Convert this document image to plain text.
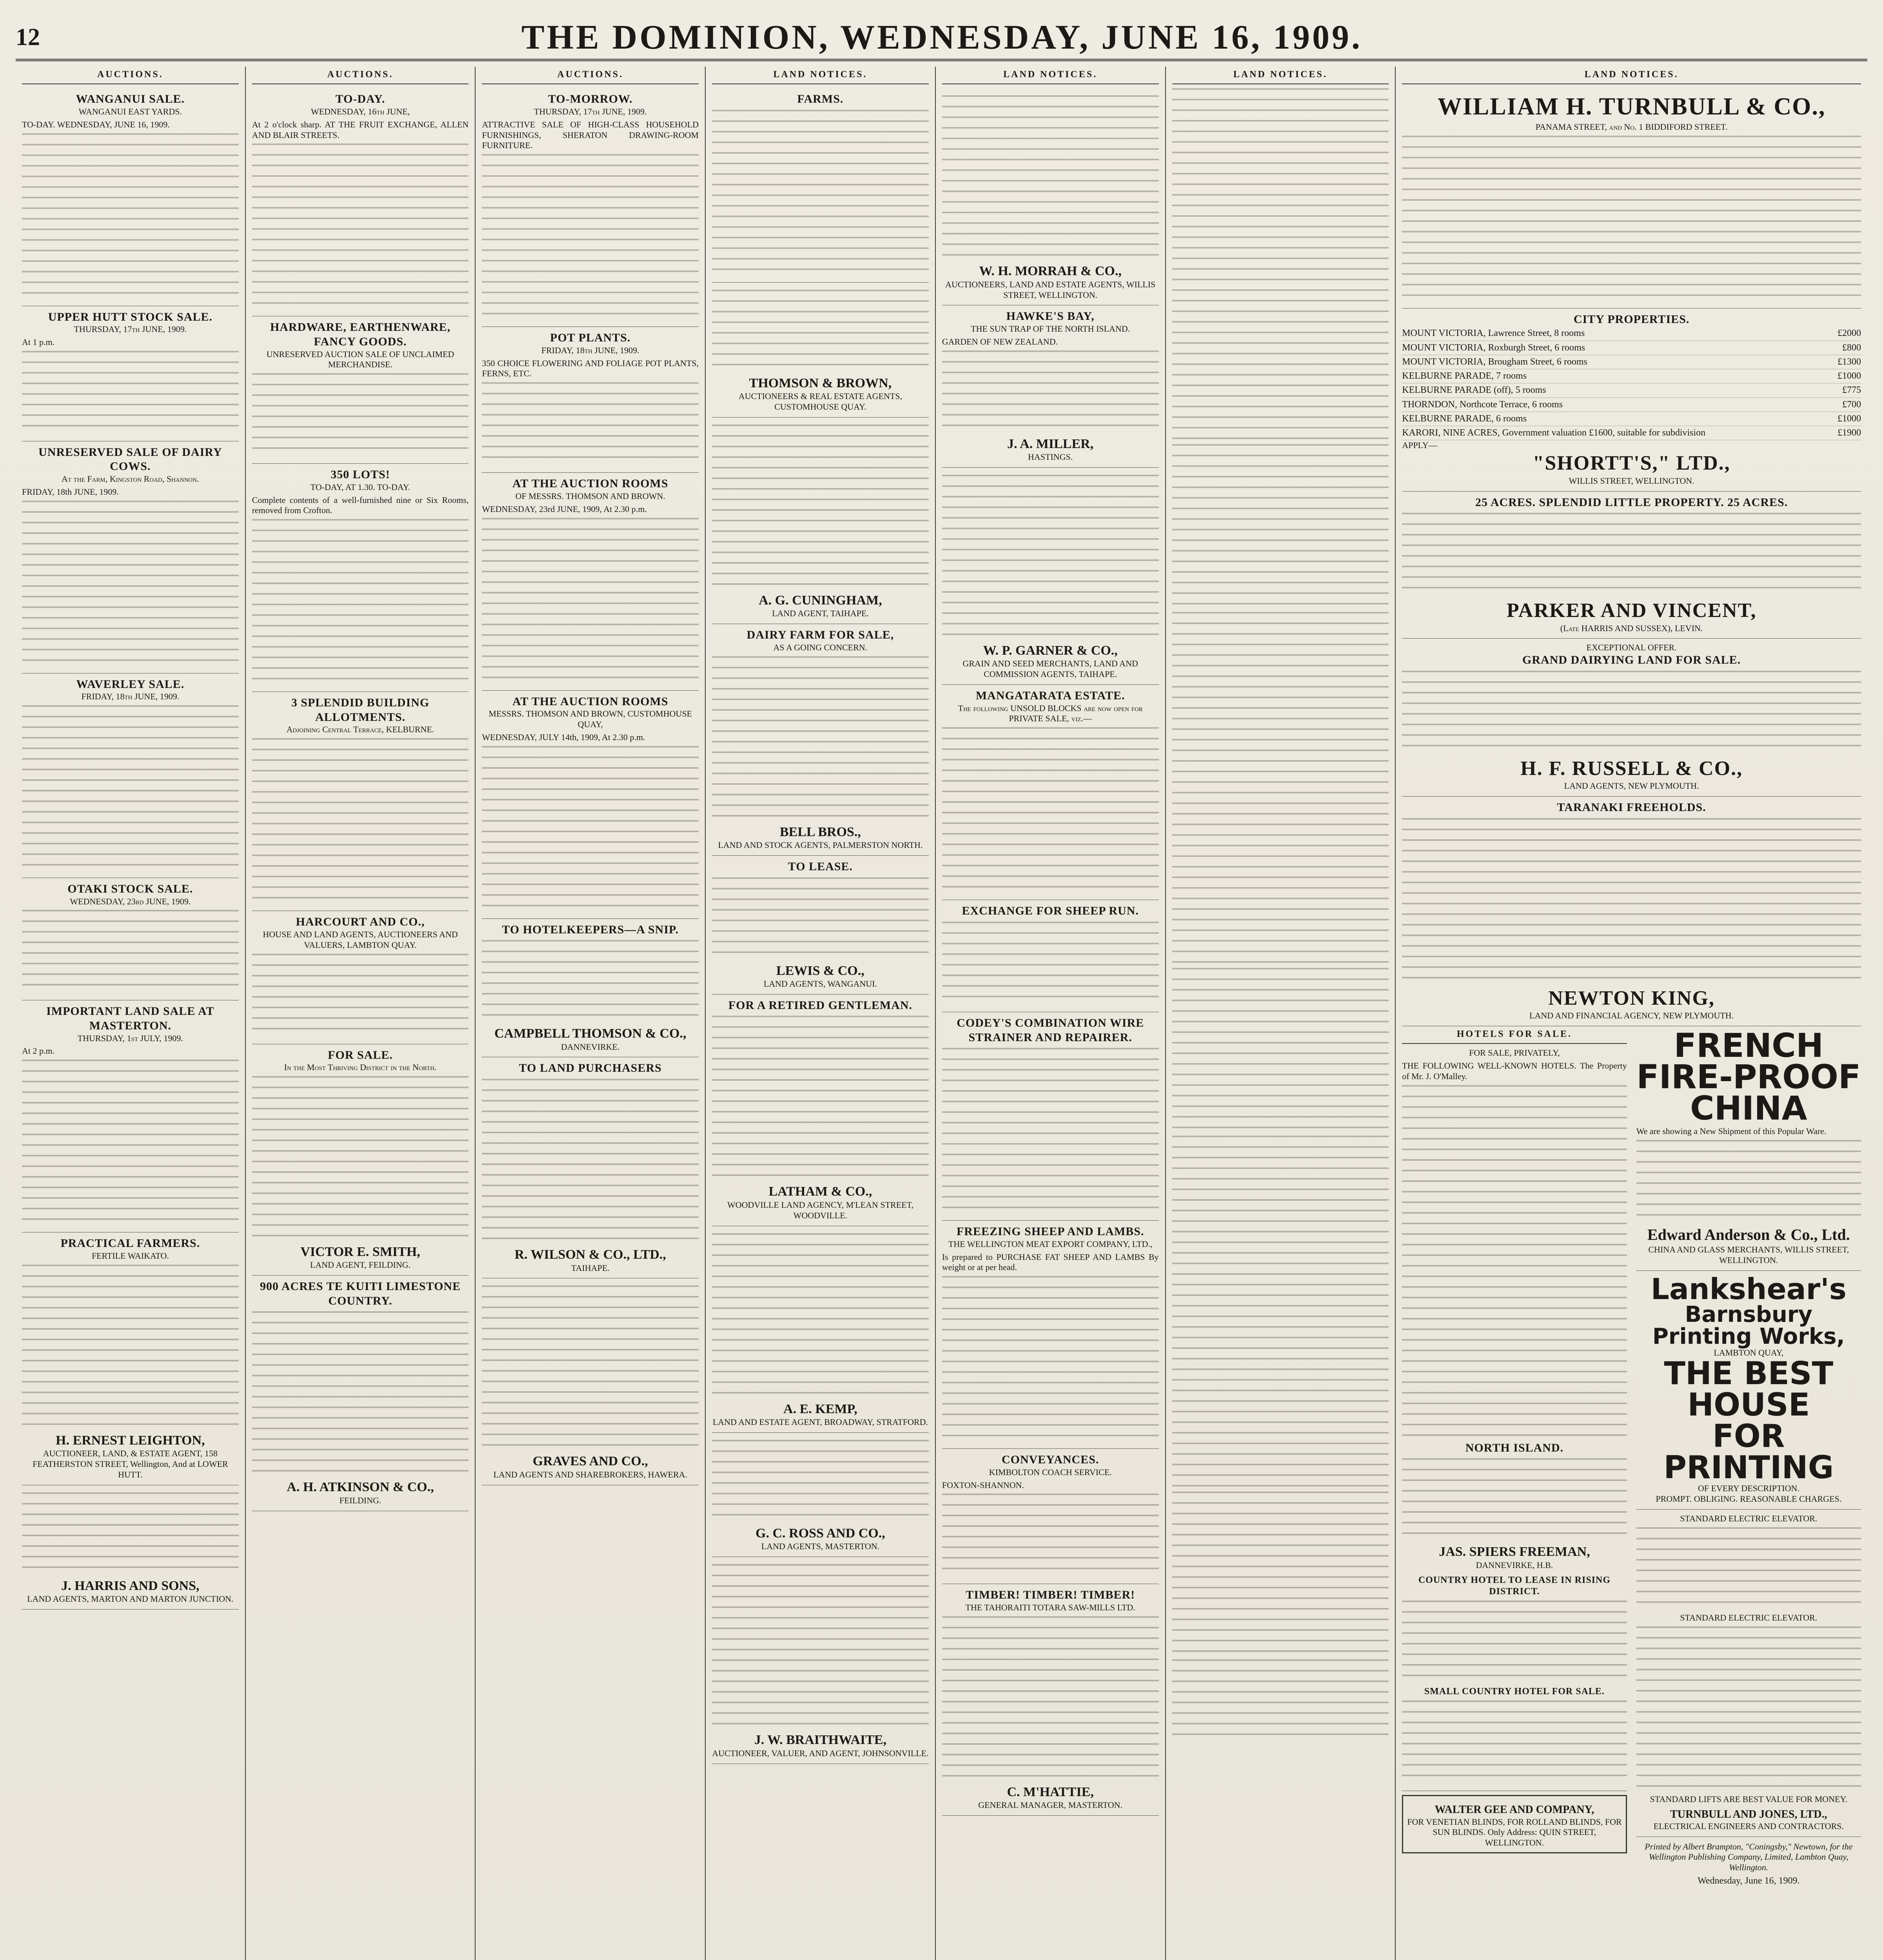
12	THE DOMINION, WEDNESDAY, JUNE 16, 1909.
AUCTIONS.
WANGANUI SALE.
WANGANUI EAST YARDS.
TO-DAY. WEDNESDAY, JUNE 16, 1909.
UPPER HUTT STOCK SALE.
THURSDAY, 17th JUNE, 1909.
At 1 p.m.
UNRESERVED SALE OF DAIRY COWS.
At the Farm, Kingston Road, Shannon.
FRIDAY, 18th JUNE, 1909.
WAVERLEY SALE.
FRIDAY, 18th JUNE, 1909.
OTAKI STOCK SALE.
WEDNESDAY, 23rd JUNE, 1909.
IMPORTANT LAND SALE AT MASTERTON.
THURSDAY, 1st JULY, 1909.
At 2 p.m.
PRACTICAL FARMERS.
FERTILE WAIKATO.
H. ERNEST LEIGHTON,
AUCTIONEER, LAND, & ESTATE AGENT, 158 FEATHERSTON STREET, Wellington, And at LOWER HUTT.
J. HARRIS AND SONS,
LAND AGENTS, MARTON AND MARTON JUNCTION.
AUCTIONS.
TO-DAY.
WEDNESDAY, 16th JUNE,
At 2 o'clock sharp. AT THE FRUIT EXCHANGE, ALLEN AND BLAIR STREETS.
HARDWARE, EARTHENWARE, FANCY GOODS.
UNRESERVED AUCTION SALE OF UNCLAIMED MERCHANDISE.
350 LOTS!
TO-DAY, AT 1.30. TO-DAY.
Complete contents of a well-furnished nine or Six Rooms, removed from Crofton.
3 SPLENDID BUILDING ALLOTMENTS.
Adjoining Central Terrace, KELBURNE.
HARCOURT AND CO.,
HOUSE AND LAND AGENTS, AUCTIONEERS AND VALUERS, LAMBTON QUAY.
FOR SALE.
In the Most Thriving District in the North.
VICTOR E. SMITH,
LAND AGENT, FEILDING.
900 ACRES TE KUITI LIMESTONE COUNTRY.
A. H. ATKINSON & CO.,
FEILDING.
AUCTIONS.
TO-MORROW.
THURSDAY, 17th JUNE, 1909.
ATTRACTIVE SALE OF HIGH-CLASS HOUSEHOLD FURNISHINGS, SHERATON DRAWING-ROOM FURNITURE.
POT PLANTS.
FRIDAY, 18th JUNE, 1909.
350 CHOICE FLOWERING AND FOLIAGE POT PLANTS, FERNS, ETC.
AT THE AUCTION ROOMS
OF MESSRS. THOMSON AND BROWN.
WEDNESDAY, 23rd JUNE, 1909, At 2.30 p.m.
AT THE AUCTION ROOMS
MESSRS. THOMSON AND BROWN, CUSTOMHOUSE QUAY,
WEDNESDAY, JULY 14th, 1909, At 2.30 p.m.
TO HOTELKEEPERS—A SNIP.
CAMPBELL THOMSON & CO.,
DANNEVIRKE.
TO LAND PURCHASERS
R. WILSON & CO., LTD.,
TAIHAPE.
GRAVES AND CO.,
LAND AGENTS AND SHAREBROKERS, HAWERA.
LAND NOTICES.
FARMS.
THOMSON & BROWN,
AUCTIONEERS & REAL ESTATE AGENTS, CUSTOMHOUSE QUAY.
A. G. CUNINGHAM,
LAND AGENT, TAIHAPE.
DAIRY FARM FOR SALE,
AS A GOING CONCERN.
BELL BROS.,
LAND AND STOCK AGENTS, PALMERSTON NORTH.
TO LEASE.
LEWIS & CO.,
LAND AGENTS, WANGANUI.
FOR A RETIRED GENTLEMAN.
LATHAM & CO.,
WOODVILLE LAND AGENCY, M'LEAN STREET, WOODVILLE.
A. E. KEMP,
LAND AND ESTATE AGENT, BROADWAY, STRATFORD.
G. C. ROSS AND CO.,
LAND AGENTS, MASTERTON.
J. W. BRAITHWAITE,
AUCTIONEER, VALUER, AND AGENT, JOHNSONVILLE.
LAND NOTICES.
W. H. MORRAH & CO.,
AUCTIONEERS, LAND AND ESTATE AGENTS, WILLIS STREET, WELLINGTON.
HAWKE'S BAY,
THE SUN TRAP OF THE NORTH ISLAND.
GARDEN OF NEW ZEALAND.
J. A. MILLER,
HASTINGS.
W. P. GARNER & CO.,
GRAIN AND SEED MERCHANTS, LAND AND COMMISSION AGENTS, TAIHAPE.
MANGATARATA ESTATE.
The following UNSOLD BLOCKS are now open for PRIVATE SALE, viz.—
EXCHANGE FOR SHEEP RUN.
CODEY'S COMBINATION WIRE STRAINER AND REPAIRER.
FREEZING SHEEP AND LAMBS.
THE WELLINGTON MEAT EXPORT COMPANY, LTD.,
Is prepared to PURCHASE FAT SHEEP AND LAMBS By weight or at per head.
CONVEYANCES.
KIMBOLTON COACH SERVICE.
FOXTON-SHANNON.
TIMBER! TIMBER! TIMBER!
THE TAHORAITI TOTARA SAW-MILLS LTD.
C. M'HATTIE,
GENERAL MANAGER, MASTERTON.
LAND NOTICES.	LAND NOTICES.
WILLIAM H. TURNBULL & CO.,
PANAMA STREET, and No. 1 BIDDIFORD STREET.
CITY PROPERTIES.
MOUNT VICTORIA, Lawrence Street, 8 rooms	£2000
MOUNT VICTORIA, Roxburgh Street, 6 rooms	£800
MOUNT VICTORIA, Brougham Street, 6 rooms	£1300
KELBURNE PARADE, 7 rooms	£1000
KELBURNE PARADE (off), 5 rooms	£775
THORNDON, Northcote Terrace, 6 rooms	£700
KELBURNE PARADE, 6 rooms	£1000
KARORI, NINE ACRES, Government valuation £1600, suitable for subdivision	£1900
APPLY—
"SHORTT'S," LTD.,
WILLIS STREET, WELLINGTON.
25 ACRES. SPLENDID LITTLE PROPERTY. 25 ACRES.
PARKER AND VINCENT,
(Late HARRIS AND SUSSEX), LEVIN.
EXCEPTIONAL OFFER.
GRAND DAIRYING LAND FOR SALE.
H. F. RUSSELL & CO.,
LAND AGENTS, NEW PLYMOUTH.
TARANAKI FREEHOLDS.
NEWTON KING,
LAND AND FINANCIAL AGENCY, NEW PLYMOUTH.
HOTELS FOR SALE.
FOR SALE, PRIVATELY,
THE FOLLOWING WELL-KNOWN HOTELS. The Property of Mr. J. O'Malley.
NORTH ISLAND.
JAS. SPIERS FREEMAN,
DANNEVIRKE, H.B.
COUNTRY HOTEL TO LEASE IN RISING DISTRICT.
SMALL COUNTRY HOTEL FOR SALE.
WALTER GEE AND COMPANY,
FOR VENETIAN BLINDS, FOR ROLLAND BLINDS, FOR SUN BLINDS. Only Address: QUIN STREET, WELLINGTON.
FRENCH
FIRE-PROOF
CHINA
We are showing a New Shipment of this Popular Ware.
Edward Anderson & Co., Ltd.
CHINA AND GLASS MERCHANTS, WILLIS STREET, WELLINGTON.
Lankshear's
Barnsbury
Printing Works,
LAMBTON QUAY,
THE BEST HOUSE
FOR PRINTING
OF EVERY DESCRIPTION.
PROMPT. OBLIGING. REASONABLE CHARGES.
STANDARD ELECTRIC ELEVATOR.
STANDARD ELECTRIC ELEVATOR.
STANDARD LIFTS ARE BEST VALUE FOR MONEY.
TURNBULL AND JONES, LTD.,
ELECTRICAL ENGINEERS AND CONTRACTORS.
Printed by Albert Brampton, "Coningsby," Newtown, for the Wellington Publishing Company, Limited, Lambton Quay, Wellington.
Wednesday, June 16, 1909.
